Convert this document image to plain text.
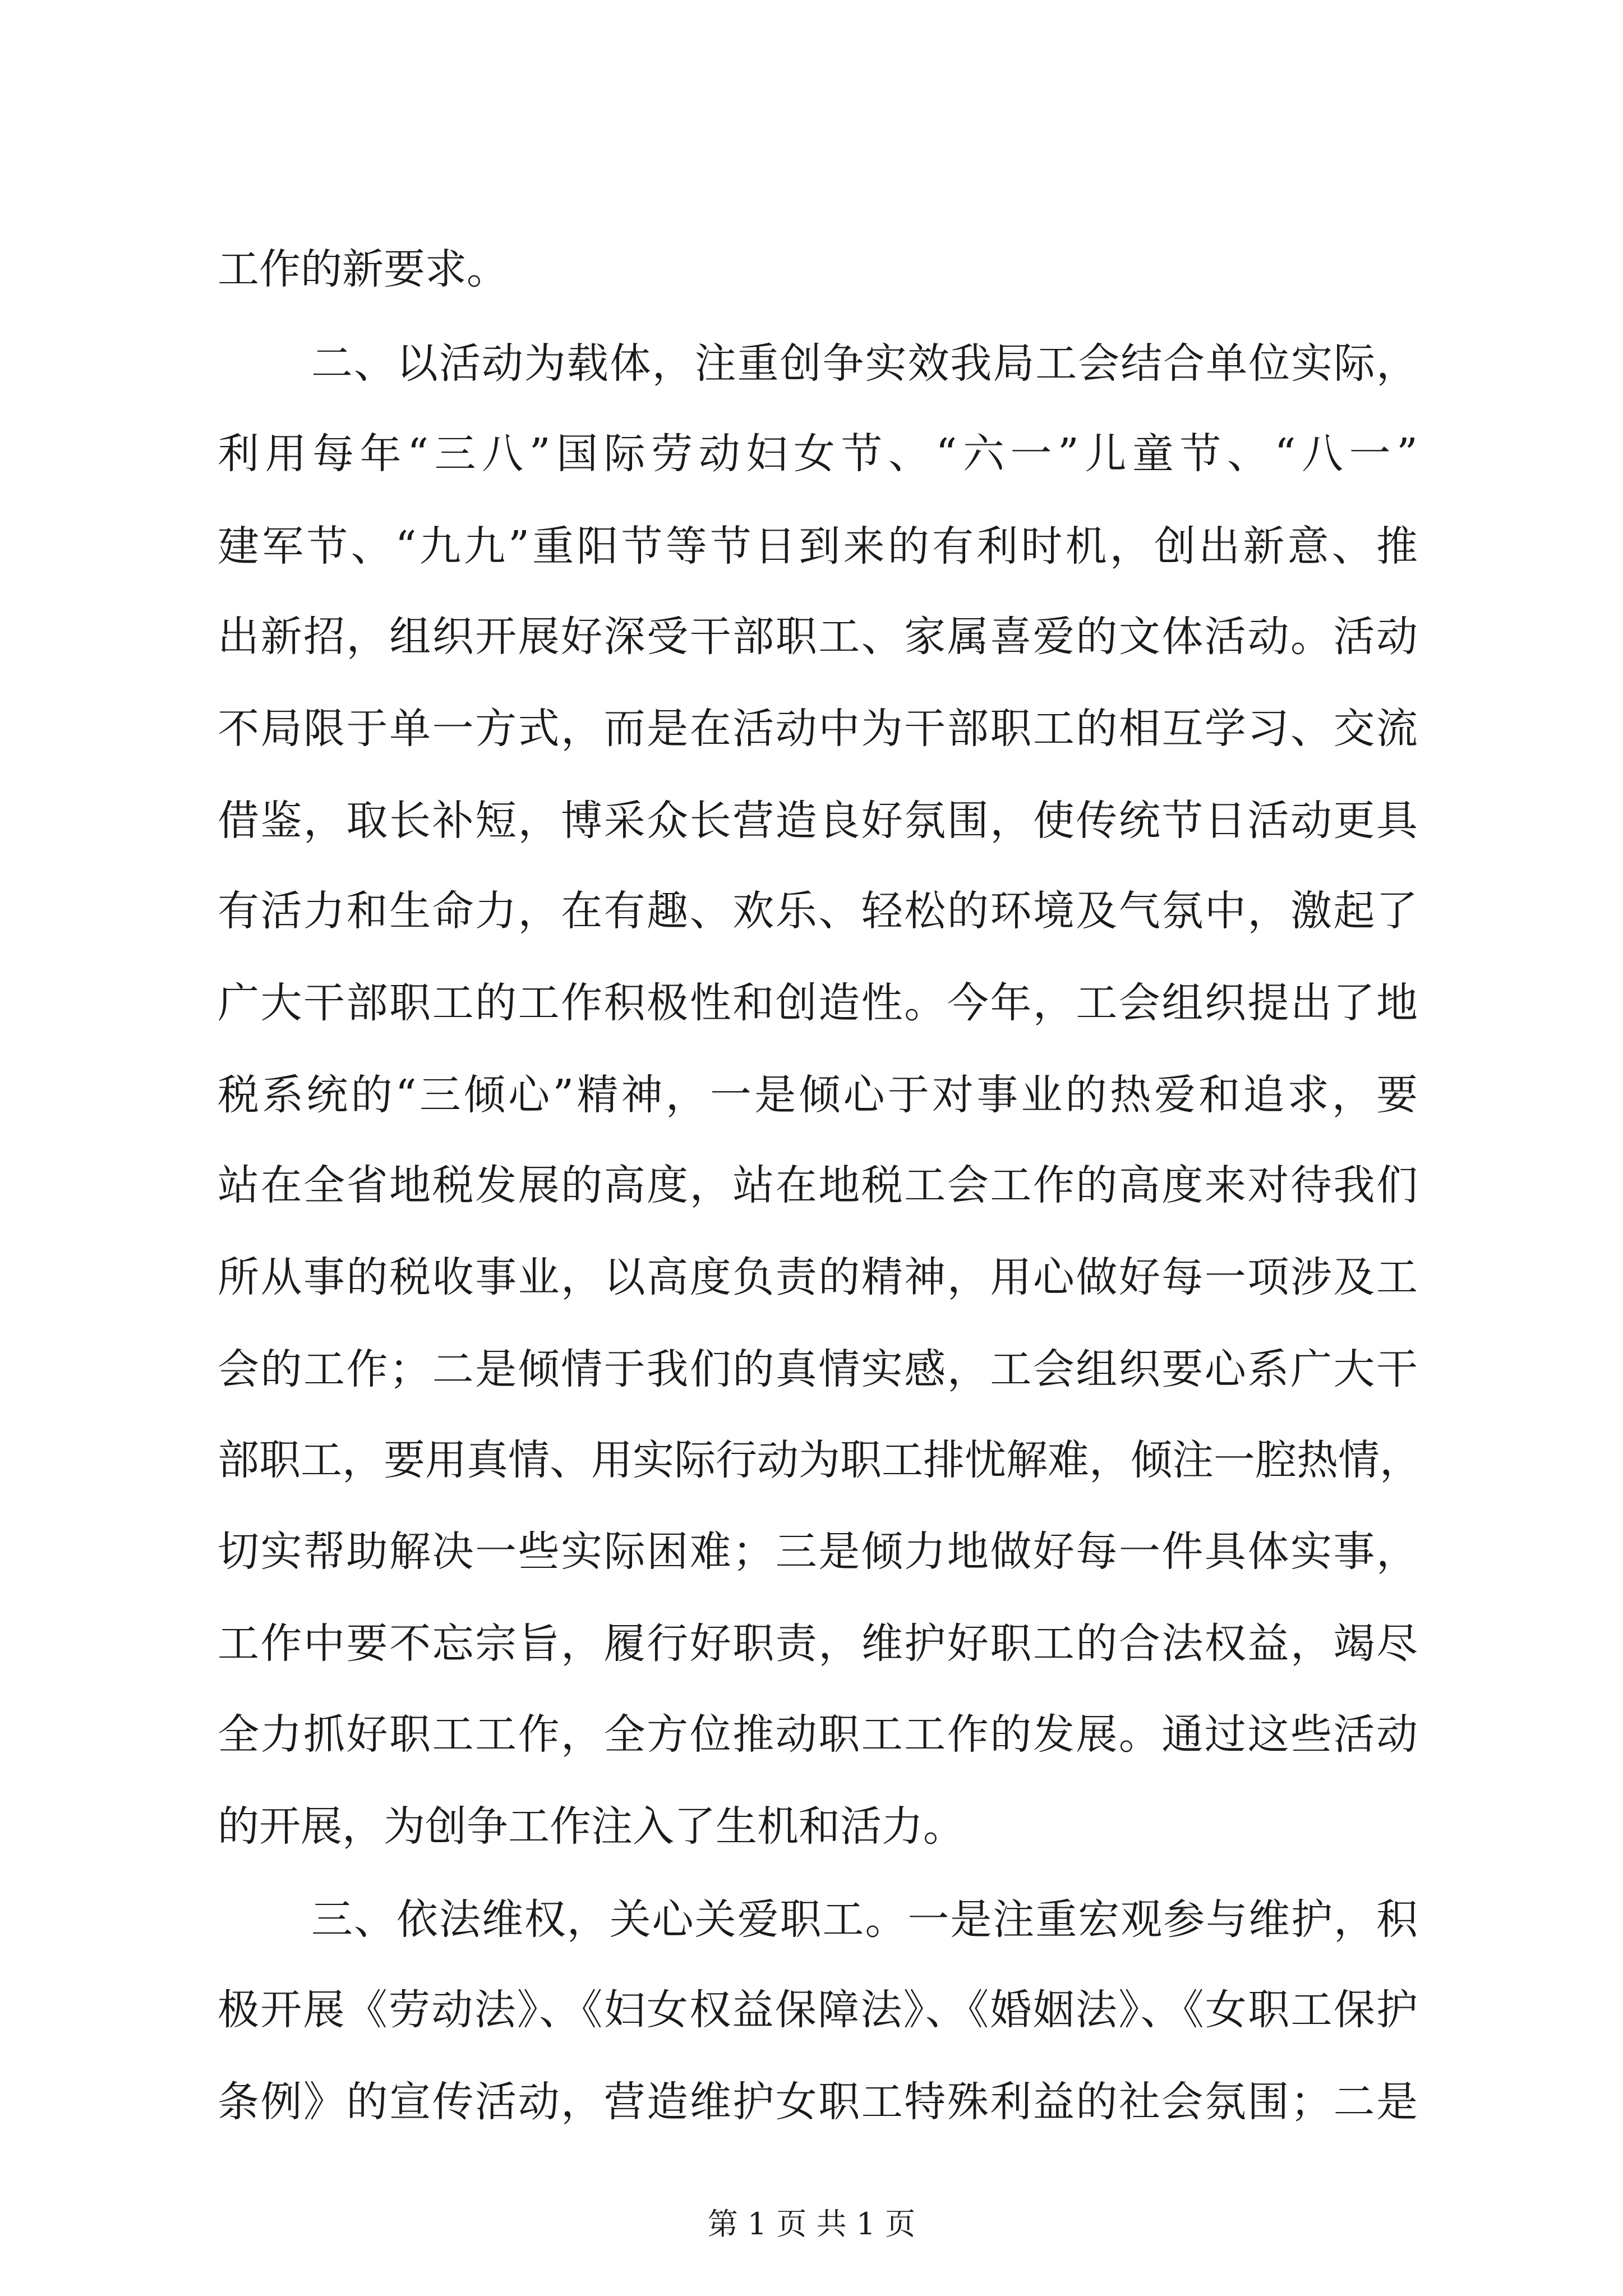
工作的新要求。
二、以活动为载体，注重创争实效我局工会结合单位实际，
利用每年“三八”国际劳动妇女节、“六一”儿童节、“八一”
建军节、“九九”重阳节等节日到来的有利时机，创出新意、推
出新招，组织开展好深受干部职工、家属喜爱的文体活动。活动
不局限于单一方式，而是在活动中为干部职工的相互学习、交流
借鉴，取长补短，博采众长营造良好氛围，使传统节日活动更具
有活力和生命力，在有趣、欢乐、轻松的环境及气氛中，激起了
广大干部职工的工作积极性和创造性。今年，工会组织提出了地
税系统的“三倾心”精神，一是倾心于对事业的热爱和追求，要
站在全省地税发展的高度，站在地税工会工作的高度来对待我们
所从事的税收事业，以高度负责的精神，用心做好每一项涉及工
会的工作；二是倾情于我们的真情实感，工会组织要心系广大干
部职工，要用真情、用实际行动为职工排忧解难，倾注一腔热情，
切实帮助解决一些实际困难；三是倾力地做好每一件具体实事，
工作中要不忘宗旨，履行好职责，维护好职工的合法权益，竭尽
全力抓好职工工作，全方位推动职工工作的发展。通过这些活动
的开展，为创争工作注入了生机和活力。
三、依法维权，关心关爱职工。一是注重宏观参与维护，积
极开展《劳动法》、《妇女权益保障法》、《婚姻法》、《女职工保护
条例》的宣传活动，营造维护女职工特殊利益的社会氛围；二是
第 1 页 共 1 页
